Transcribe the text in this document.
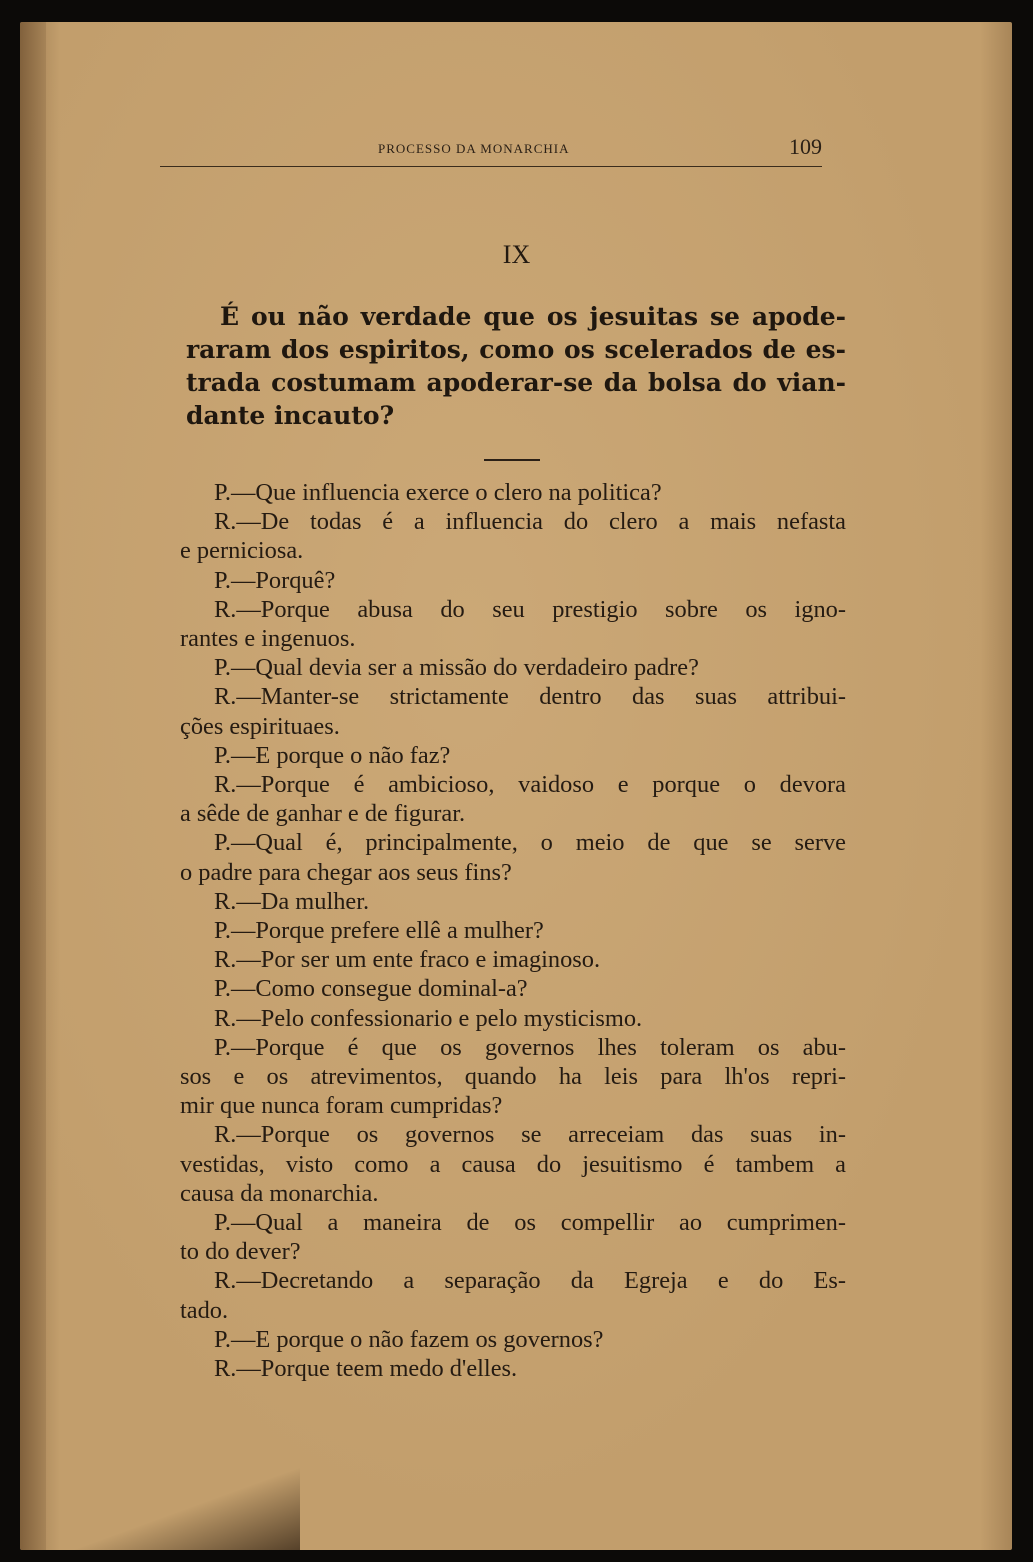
PROCESSO DA MONARCHIA	109
IX
É ou não verdade que os jesuitas se apode-
raram dos espiritos, como os scelerados de es-
trada costumam apoderar-se da bolsa do vian-
dante incauto?
P.—Que influencia exerce o clero na politica?
R.—De todas é a influencia do clero a mais nefasta
e perniciosa.
P.—Porquê?
R.—Porque abusa do seu prestigio sobre os igno-
rantes e ingenuos.
P.—Qual devia ser a missão do verdadeiro padre?
R.—Manter-se strictamente dentro das suas attribui-
ções espirituaes.
P.—E porque o não faz?
R.—Porque é ambicioso, vaidoso e porque o devora
a sêde de ganhar e de figurar.
P.—Qual é, principalmente, o meio de que se serve
o padre para chegar aos seus fins?
R.—Da mulher.
P.—Porque prefere ellê a mulher?
R.—Por ser um ente fraco e imaginoso.
P.—Como consegue dominal-a?
R.—Pelo confessionario e pelo mysticismo.
P.—Porque é que os governos lhes toleram os abu-
sos e os atrevimentos, quando ha leis para lh'os repri-
mir que nunca foram cumpridas?
R.—Porque os governos se arreceiam das suas in-
vestidas, visto como a causa do jesuitismo é tambem a
causa da monarchia.
P.—Qual a maneira de os compellir ao cumprimen-
to do dever?
R.—Decretando a separação da Egreja e do Es-
tado.
P.—E porque o não fazem os governos?
R.—Porque teem medo d'elles.
